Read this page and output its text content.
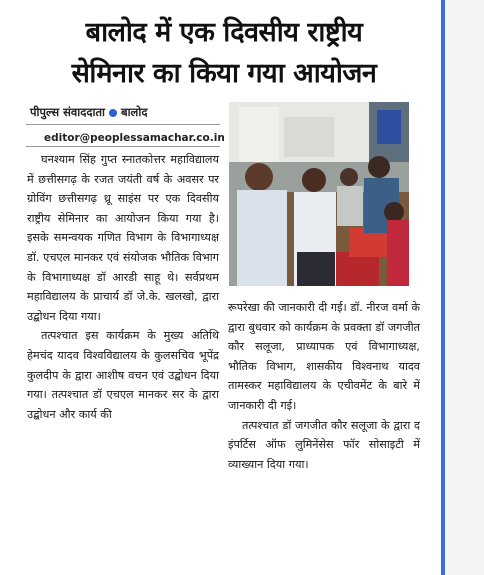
बालोद में एक दिवसीय राष्ट्रीय
सेमिनार का किया गया आयोजन
पीपुल्स संवाददाता बालोद
editor@peoplessamachar.co.in

घनश्याम सिंह गुप्त स्नातकोत्तर महाविद्यालय में छत्तीसगढ़ के रजत जयंती वर्ष के अवसर पर ग्रोविंग छत्तीसगढ़ थ्रू साइंस पर एक दिवसीय राष्ट्रीय सेमिनार का आयोजन किया गया है। इसके समन्वयक गणित विभाग के विभागाध्यक्ष डॉ. एचएल मानकर एवं संयोजक भौतिक विभाग के विभागाध्यक्ष डॉ आरडी साहू थे। सर्वप्रथम महाविद्यालय के प्राचार्य डॉ जे.के. खलखो, द्वारा उद्बोधन दिया गया।

तत्पश्चात इस कार्यक्रम के मुख्य अतिथि हेमचंद यादव विश्वविद्यालय के कुलसचिव भूपेंद्र कुलदीप के द्वारा आशीष वचन एवं उद्बोधन दिया गया। तत्पश्चात डॉ एचएल मानकर सर के द्वारा उद्बोधन और कार्य की

रूपरेखा की जानकारी दी गई। डॉ. नीरज वर्मा के द्वारा बुधवार को कार्यक्रम के प्रवक्ता डॉ जगजीत कौर सलूजा, प्राध्यापक एवं विभागाध्यक्ष, भौतिक विभाग, शासकीय विश्वनाथ यादव तामस्कर महाविद्यालय के एचीवमेंट के बारे में जानकारी दी गई।

तत्पश्चात डॉ जगजीत कौर सलूजा के द्वारा द इंपर्टिस ऑफ लुमिनेंसेस फॉर सोसाइटी में व्याख्यान दिया गया।
